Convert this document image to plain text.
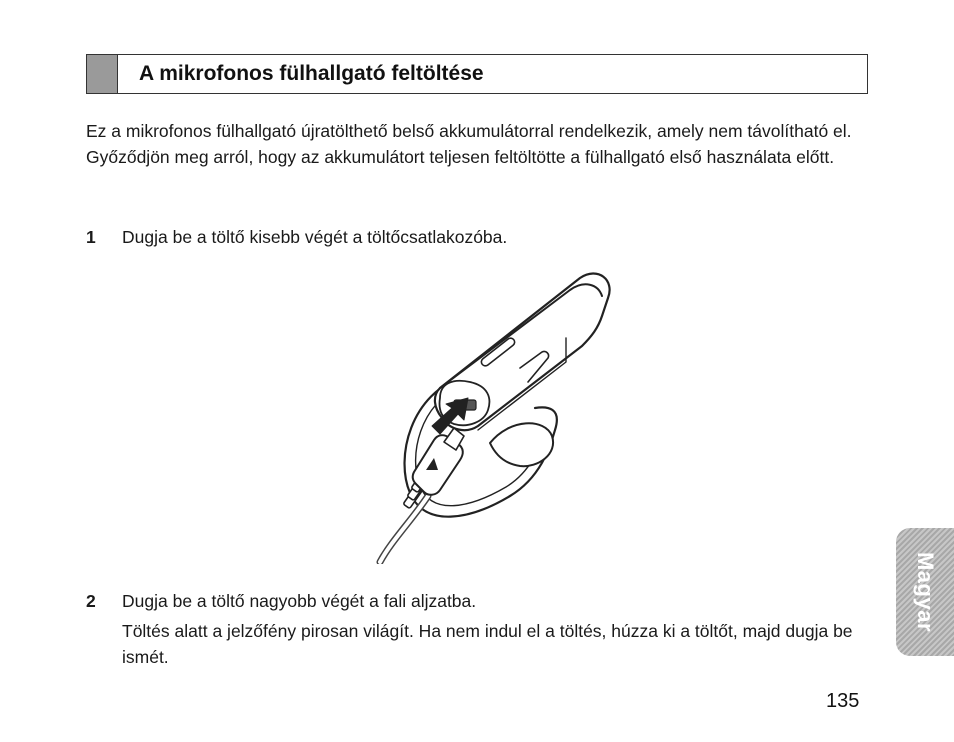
A mikrofonos fülhallgató feltöltése

Ez a mikrofonos fülhallgató újratölthető belső akkumulátorral rendelkezik, amely nem távolítható el. Győződjön meg arról, hogy az akkumulátort teljesen feltöltötte a fülhallgató első használata előtt.

1 Dugja be a töltő kisebb végét a töltőcsatlakozóba.
2 Dugja be a töltő nagyobb végét a fali aljzatba.

Töltés alatt a jelzőfény pirosan világít. Ha nem indul el a töltés, húzza ki a töltőt, majd dugja be ismét.

Magyar
135
